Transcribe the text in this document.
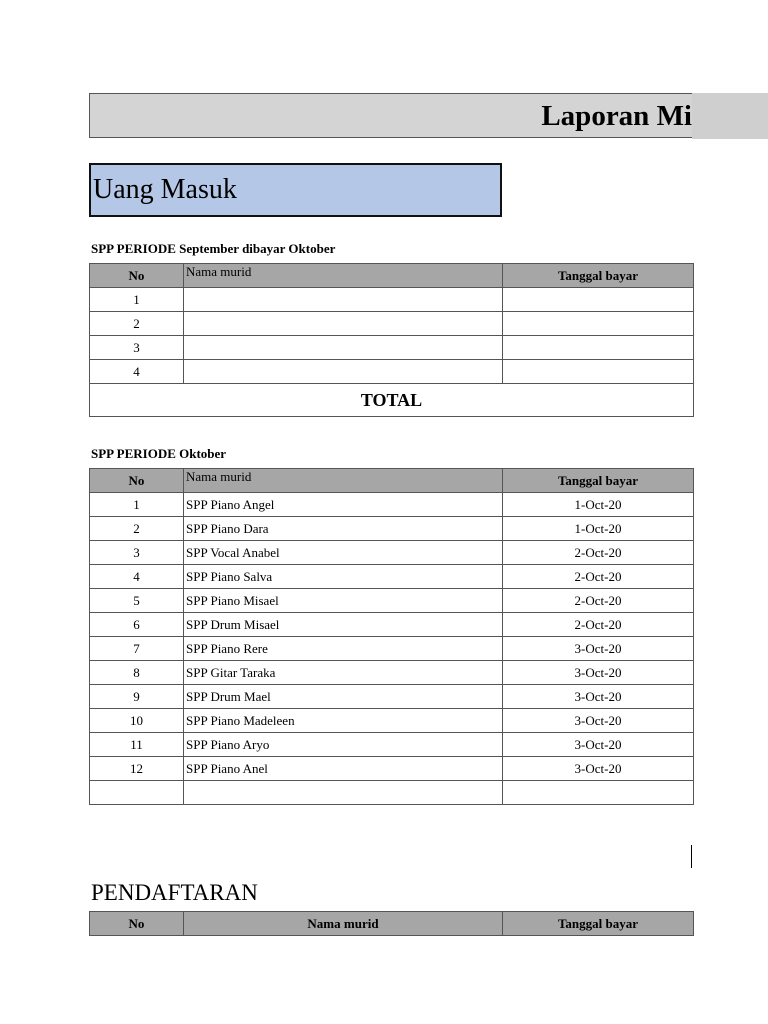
Laporan Mi
Uang Masuk
SPP PERIODE September dibayar Oktober
No	Nama murid	Tanggal bayar
1		
2		
3		
4		
TOTAL		
SPP PERIODE Oktober
No	Nama murid	Tanggal bayar
1	SPP Piano Angel	1-Oct-20
2	SPP Piano Dara	1-Oct-20
3	SPP Vocal Anabel	2-Oct-20
4	SPP Piano Salva	2-Oct-20
5	SPP Piano Misael	2-Oct-20
6	SPP Drum Misael	2-Oct-20
7	SPP Piano Rere	3-Oct-20
8	SPP Gitar Taraka	3-Oct-20
9	SPP Drum Mael	3-Oct-20
10	SPP Piano Madeleen	3-Oct-20
11	SPP Piano Aryo	3-Oct-20
12	SPP Piano Anel	3-Oct-20

PENDAFTARAN
No	Nama murid	Tanggal bayar
